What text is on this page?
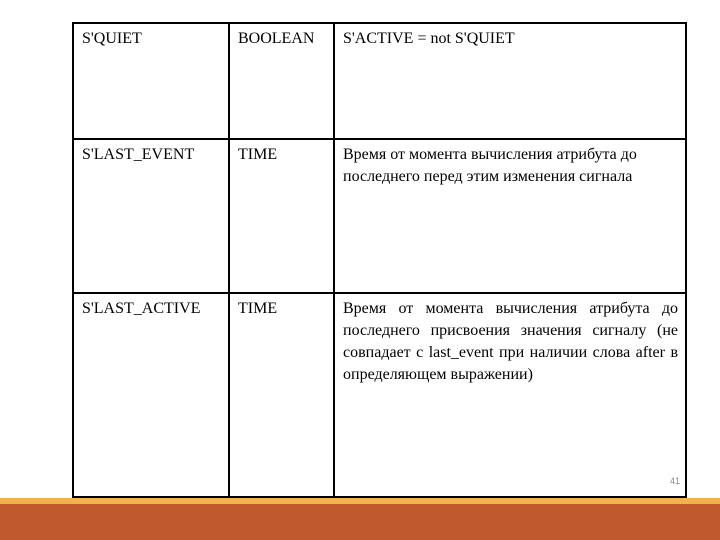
S'QUIET	BOOLEAN	S'ACTIVE = not S'QUIET
S'LAST_EVENT	TIME	Время от момента вычисления атрибута до последнего перед этим изменения сигнала
S'LAST_ACTIVE	TIME	Время от момента вычисления атрибута до последнего присвоения значения сигналу (не совпадает с last_event при наличии слова after в определяющем выражении)
41
